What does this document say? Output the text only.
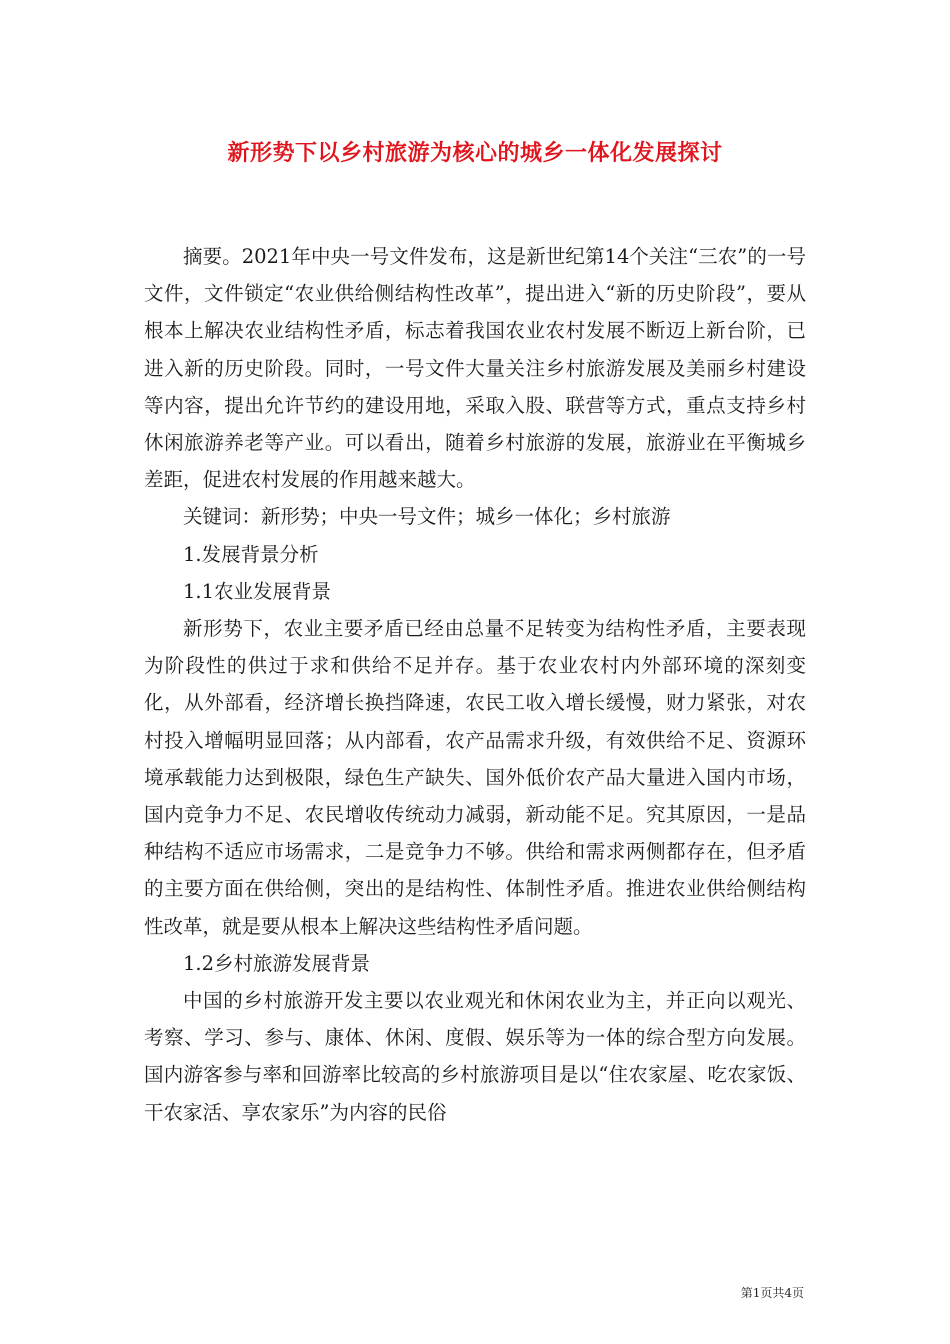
新形势下以乡村旅游为核心的城乡一体化发展探讨

摘要。2021年中央一号文件发布，这是新世纪第14个关注“三农”的一号文件，文件锁定“农业供给侧结构性改革”，提出进入“新的历史阶段”，要从根本上解决农业结构性矛盾，标志着我国农业农村发展不断迈上新台阶，已进入新的历史阶段。同时，一号文件大量关注乡村旅游发展及美丽乡村建设等内容，提出允许节约的建设用地，采取入股、联营等方式，重点支持乡村休闲旅游养老等产业。可以看出，随着乡村旅游的发展，旅游业在平衡城乡差距，促进农村发展的作用越来越大。

关键词：新形势；中央一号文件；城乡一体化；乡村旅游

1.发展背景分析

1.1农业发展背景

新形势下，农业主要矛盾已经由总量不足转变为结构性矛盾，主要表现为阶段性的供过于求和供给不足并存。基于农业农村内外部环境的深刻变化，从外部看，经济增长换挡降速，农民工收入增长缓慢，财力紧张，对农村投入增幅明显回落；从内部看，农产品需求升级，有效供给不足、资源环境承载能力达到极限，绿色生产缺失、国外低价农产品大量进入国内市场，国内竞争力不足、农民增收传统动力减弱，新动能不足。究其原因，一是品种结构不适应市场需求，二是竞争力不够。供给和需求两侧都存在，但矛盾的主要方面在供给侧，突出的是结构性、体制性矛盾。推进农业供给侧结构性改革，就是要从根本上解决这些结构性矛盾问题。

1.2乡村旅游发展背景

中国的乡村旅游开发主要以农业观光和休闲农业为主，并正向以观光、考察、学习、参与、康体、休闲、度假、娱乐等为一体的综合型方向发展。国内游客参与率和回游率比较高的乡村旅游项目是以“住农家屋、吃农家饭、干农家活、享农家乐”为内容的民俗

第1页共4页
